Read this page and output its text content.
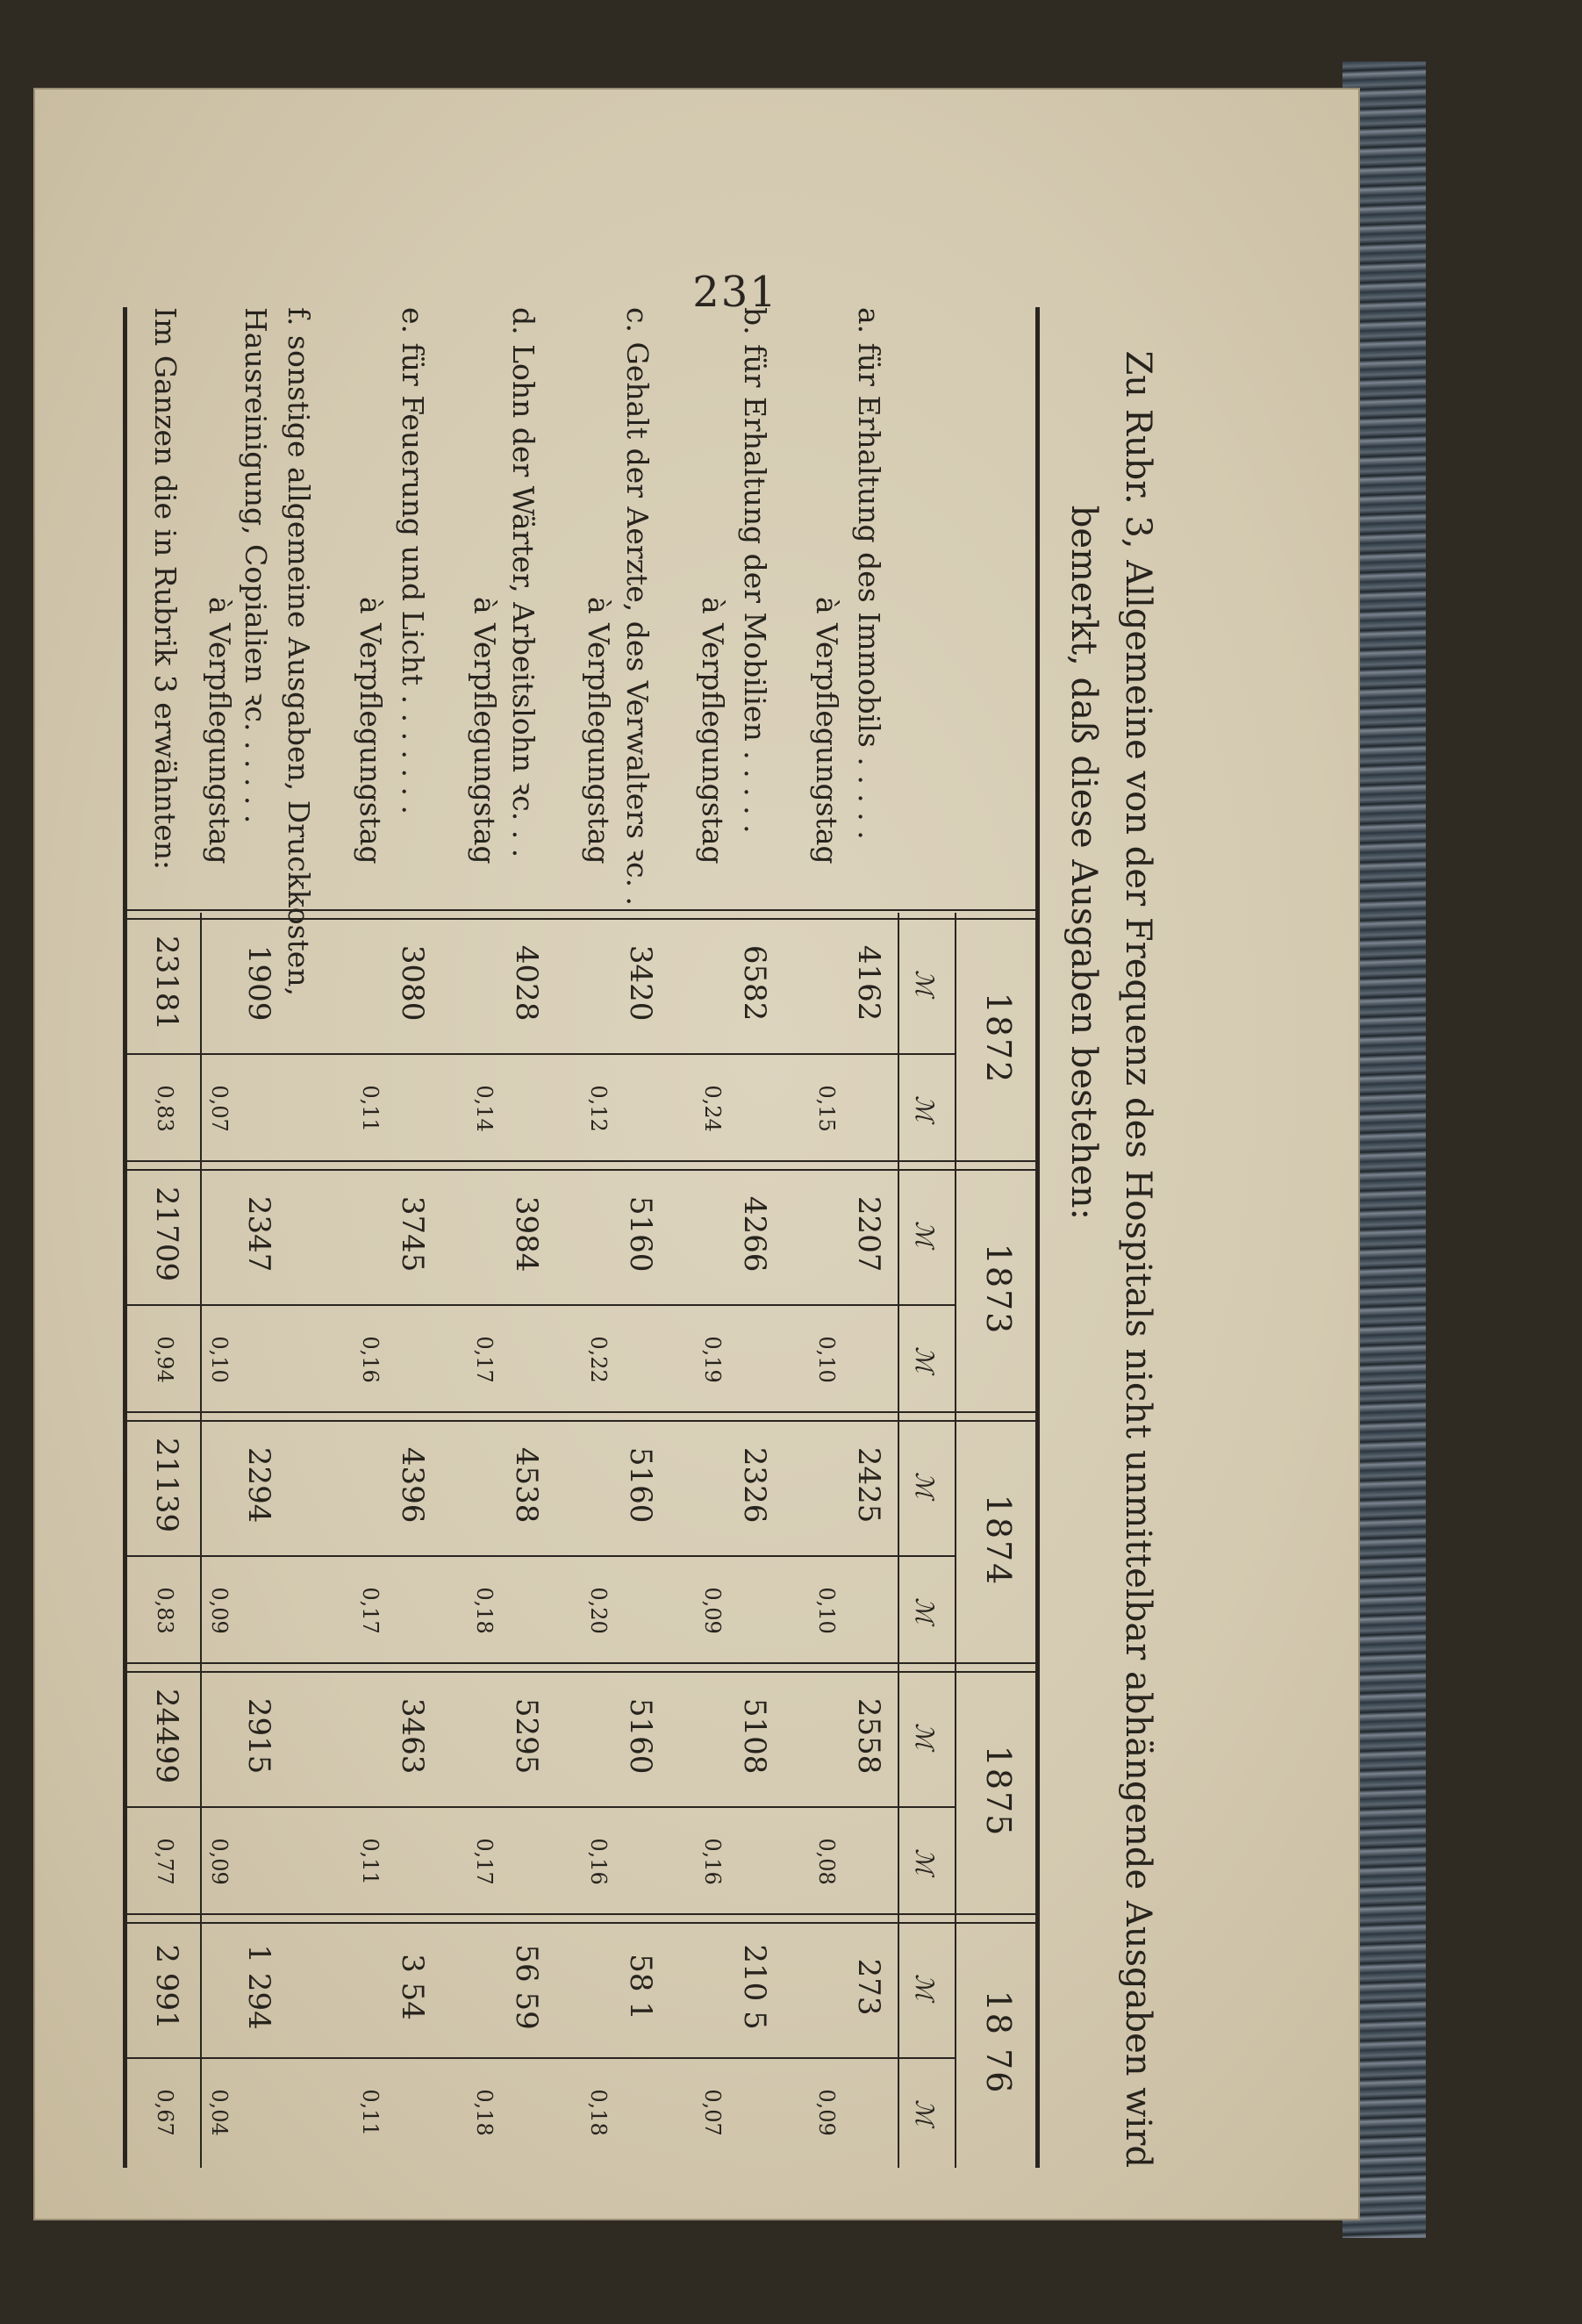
231
Zu Rubr. 3, Allgemeine von der Frequenz des Hospitals nicht unmittelbar abhängende Ausgaben wird
bemerkt, daß diese Ausgaben bestehen:
1872
ℳ
ℳ
1873
ℳ
ℳ
1874
ℳ
ℳ
1875
ℳ
ℳ
18 76
ℳ
ℳ
a. für Erhaltung des Immobils . . . . .
à Verpflegungstag
4162
0,15
2207
0,10
2425
0,10
2558
0,08
273
0,09
b. für Erhaltung der Mobilien . . . . .
à Verpflegungstag
6582
0,24
4266
0,19
2326
0,09
5108
0,16
210 5
0,07
c. Gehalt der Aerzte, des Verwalters ꝛc. .
à Verpflegungstag
3420
0,12
5160
0,22
5160
0,20
5160
0,16
58 1
0,18
d. Lohn der Wärter, Arbeitslohn ꝛc. . .
à Verpflegungstag
4028
0,14
3984
0,17
4538
0,18
5295
0,17
56 59
0,18
e. für Feuerung und Licht . . . . . . .
à Verpflegungstag
3080
0,11
3745
0,16
4396
0,17
3463
0,11
3 54
0,11
f. sonstige allgemeine Ausgaben, Druckkosten,
Hausreinigung, Copialien ꝛc. . . . . .
à Verpflegungstag
1909
0,07
2347
0,10
2294
0,09
2915
0,09
1 294
0,04
Im Ganzen die in Rubrik 3 erwähnten:
23181
0,83
21709
0,94
21139
0,83
24499
0,77
2 991
0,67
